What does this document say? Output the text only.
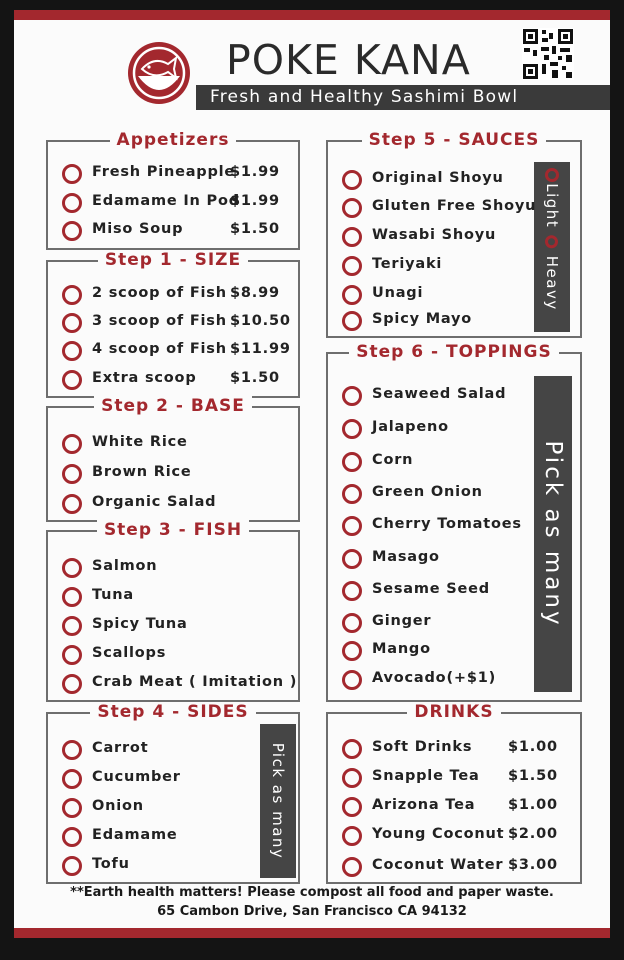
POKE KANA
Fresh and Healthy Sashimi Bowl
Appetizers
Fresh Pineapple
$1.99
Edamame In Pod
$1.99
Miso Soup	$1.50
Step 1 - SIZE
2 scoop of Fish $8.99
3 scoop of Fish $10.50
4 scoop of Fish $11.99
Extra scoop $1.50
Step 2 - BASE
White Rice
Brown Rice
Organic Salad
Step 3 - FISH
Salmon
Tuna
Spicy Tuna
Scallops
Crab Meat ( Imitation )
Step 4 - SIDES
Pick as many
Carrot
Cucumber
Onion
Edamame
Tofu
Step 5 - SAUCES
Light  Heavy
Original Shoyu
Gluten Free Shoyu
Wasabi Shoyu
Teriyaki
Unagi
Spicy Mayo
Step 6 - TOPPINGS
Pick as many
Seaweed Salad
Jalapeno
Corn
Green Onion
Cherry Tomatoes
Masago
Sesame Seed
Ginger
Mango
Avocado(+$1)
DRINKS
Soft Drinks $1.00
Snapple Tea $1.50
Arizona Tea $1.00
Young Coconut $2.00
Coconut Water $3.00
**Earth health matters! Please compost all food and paper waste.
65 Cambon Drive, San Francisco CA 94132
